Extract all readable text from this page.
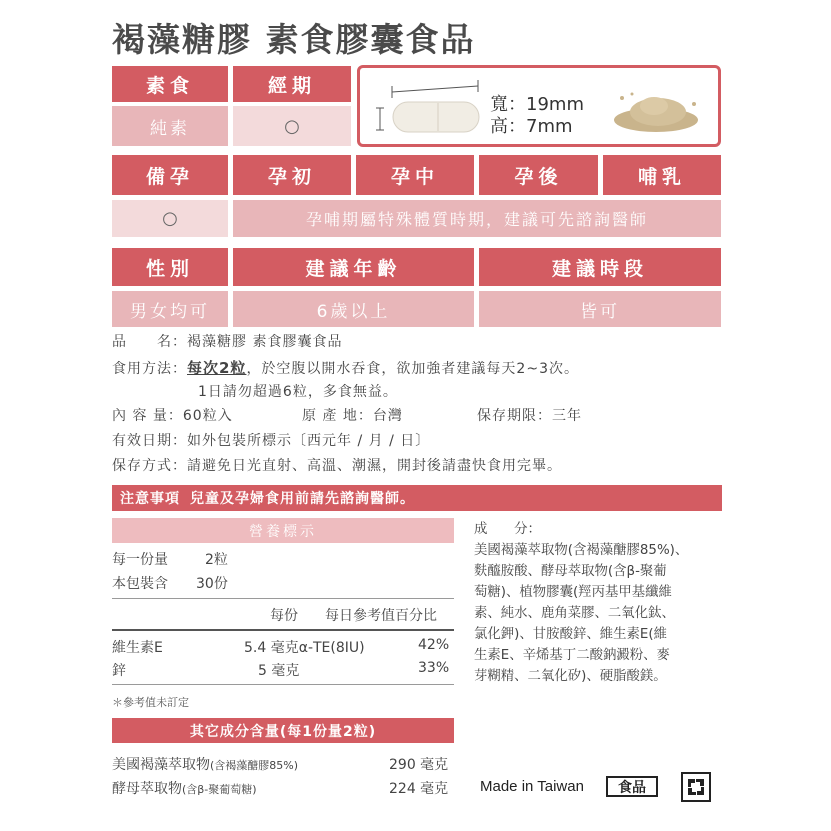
褐藻糖膠 素食膠囊食品
素食	經期
純素	○
寬：19mm
高：7mm
備孕	孕初	孕中	孕後	哺乳
○	孕哺期屬特殊體質時期，建議可先諮詢醫師
性別	建議年齡	建議時段
男女均可	6歲以上	皆可
品　　名：褐藻糖膠 素食膠囊食品
食用方法：每次2粒，於空腹以開水吞食，欲加強者建議每天2~3次。
1日請勿超過6粒，多食無益。
內 容 量：60粒入	原 產 地：台灣	保存期限：三年
有效日期：如外包裝所標示〔西元年 / 月 / 日〕
保存方式：請避免日光直射、高溫、潮濕，開封後請盡快食用完畢。
注意事項 兒童及孕婦食用前請先諮詢醫師。
營養標示
每一份量	2粒
本包裝含 30份
每份 每日參考值百分比
維生素E	5.4 毫克α-TE(8IU)	42%
鋅	5 毫克	33%
＊參考值未訂定
其它成分含量(每1份量2粒)
美國褐藻萃取物(含褐藻醣膠85%)	290 毫克
酵母萃取物(含β-聚葡萄糖)	224 毫克
成　　分：
美國褐藻萃取物(含褐藻醣膠85%)、
麩醯胺酸、酵母萃取物(含β-聚葡
萄糖)、植物膠囊(羥丙基甲基纖維
素、純水、鹿角菜膠、二氧化鈦、
氯化鉀)、甘胺酸鋅、維生素E(維
生素E、辛烯基丁二酸鈉澱粉、麥
芽糊精、二氧化矽)、硬脂酸鎂。
Made in Taiwan	食品
